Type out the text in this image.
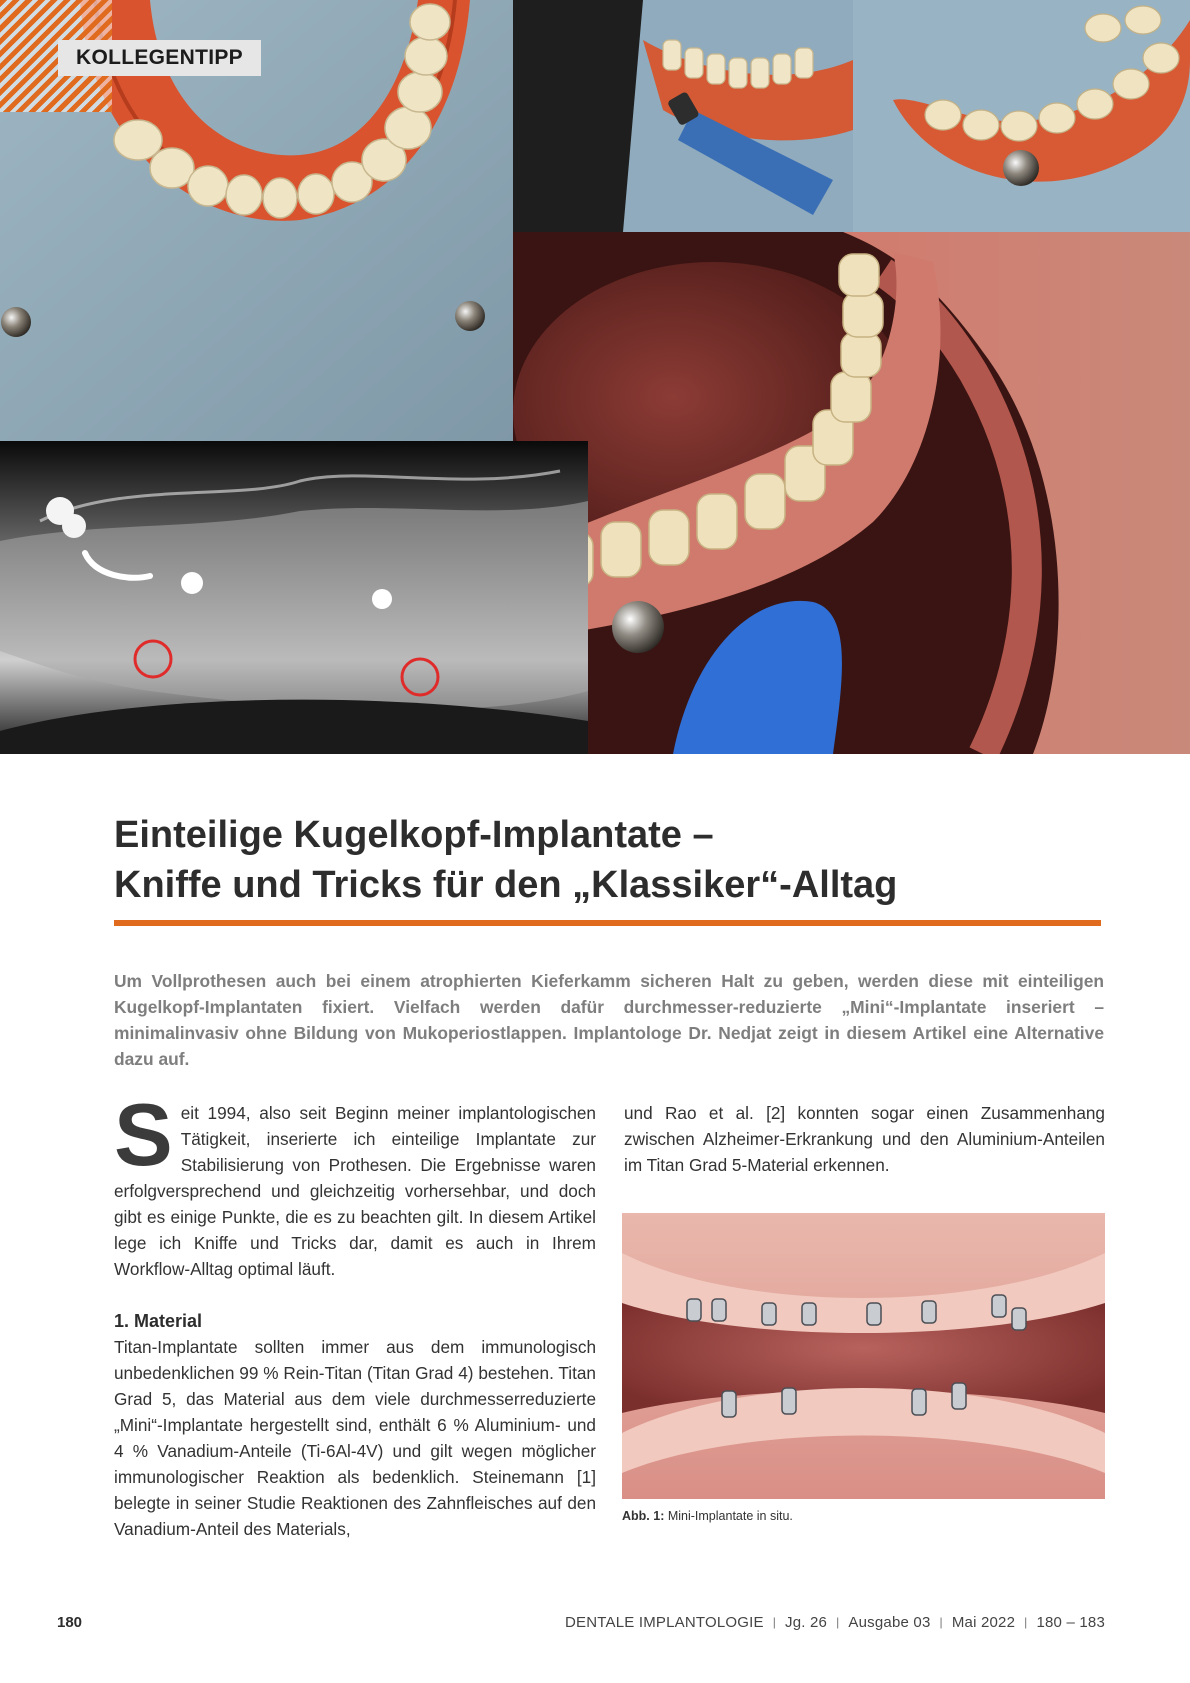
KOLLEGENTIPP
Einteilige Kugelkopf-Implantate –
Kniffe und Tricks für den „Klassiker“-Alltag

Um Vollprothesen auch bei einem atrophierten Kieferkamm sicheren Halt zu geben, werden diese mit einteiligen Kugelkopf-Implantaten fixiert. Vielfach werden dafür durchmesser-reduzierte „Mini“-Implantate inseriert – minimalinvasiv ohne Bildung von Mukoperiostlappen. Implantologe Dr. Nedjat zeigt in diesem Artikel eine Alternative dazu auf.

Seit 1994, also seit Beginn meiner implantologischen Tätigkeit, inserierte ich einteilige Implantate zur Stabilisierung von Prothesen. Die Ergebnisse waren erfolgversprechend und gleichzeitig vorhersehbar, und doch gibt es einige Punkte, die es zu beachten gilt. In diesem Artikel lege ich Kniffe und Tricks dar, damit es auch in Ihrem Workflow-Alltag optimal läuft.

1. Material

Titan-Implantate sollten immer aus dem immunologisch unbedenklichen 99 % Rein-Titan (Titan Grad 4) bestehen. Titan Grad 5, das Material aus dem viele durchmesserreduzierte „Mini“-Implantate hergestellt sind, enthält 6 % Aluminium- und 4 % Vanadium-Anteile (Ti-6Al-4V) und gilt wegen möglicher immunologischer Reaktion als bedenklich. Steinemann [1] belegte in seiner Studie Reaktionen des Zahnfleisches auf den Vanadium-Anteil des Materials,

und Rao et al. [2] konnten sogar einen Zusammenhang zwischen Alzheimer-Erkrankung und den Aluminium-Anteilen im Titan Grad 5-Material erkennen.

Abb. 1: Mini-Implantate in situ.
180	DENTALE IMPLANTOLOGIE | Jg. 26 | Ausgabe 03 | Mai 2022 | 180 – 183
